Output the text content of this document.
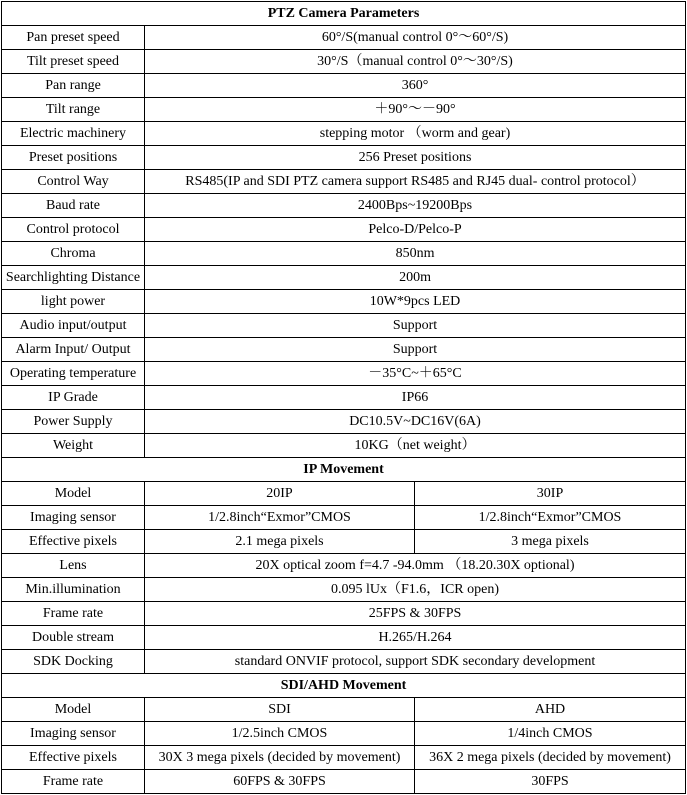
PTZ Camera Parameters		
Pan preset speed	60°/S(manual control 0°～60°/S)	
Tilt preset speed	30°/S（manual control 0°～30°/S)	
Pan range	360°	
Tilt range	＋90°～－90°	
Electric machinery	stepping motor （worm and gear)	
Preset positions	256 Preset positions	
Control Way	RS485(IP and SDI PTZ camera support RS485 and RJ45 dual- control protocol）	
Baud rate	2400Bps~19200Bps	
Control protocol	Pelco-D/Pelco-P	
Chroma	850nm	
Searchlighting Distance	200m	
light power	10W*9pcs LED	
Audio input/output	Support	
Alarm Input/ Output	Support	
Operating temperature	－35°C~＋65°C	
IP Grade	IP66	
Power Supply	DC10.5V~DC16V(6A)	
Weight	10KG（net weight）	
IP Movement		
Model	20IP	30IP
Imaging sensor	1/2.8inch“Exmor”CMOS	1/2.8inch“Exmor”CMOS
Effective pixels	2.1 mega pixels	3 mega pixels
Lens	20X optical zoom f=4.7 -94.0mm （18.20.30X optional)	
Min.illumination	0.095 lUx（F1.6，ICR open)	
Frame rate	25FPS & 30FPS	
Double stream	H.265/H.264	
SDK Docking	standard ONVIF protocol, support SDK secondary development	
SDI/AHD Movement		
Model	SDI	AHD
Imaging sensor	1/2.5inch CMOS	1/4inch CMOS
Effective pixels	30X 3 mega pixels (decided by movement)	36X 2 mega pixels (decided by movement)
Frame rate	60FPS & 30FPS	30FPS
